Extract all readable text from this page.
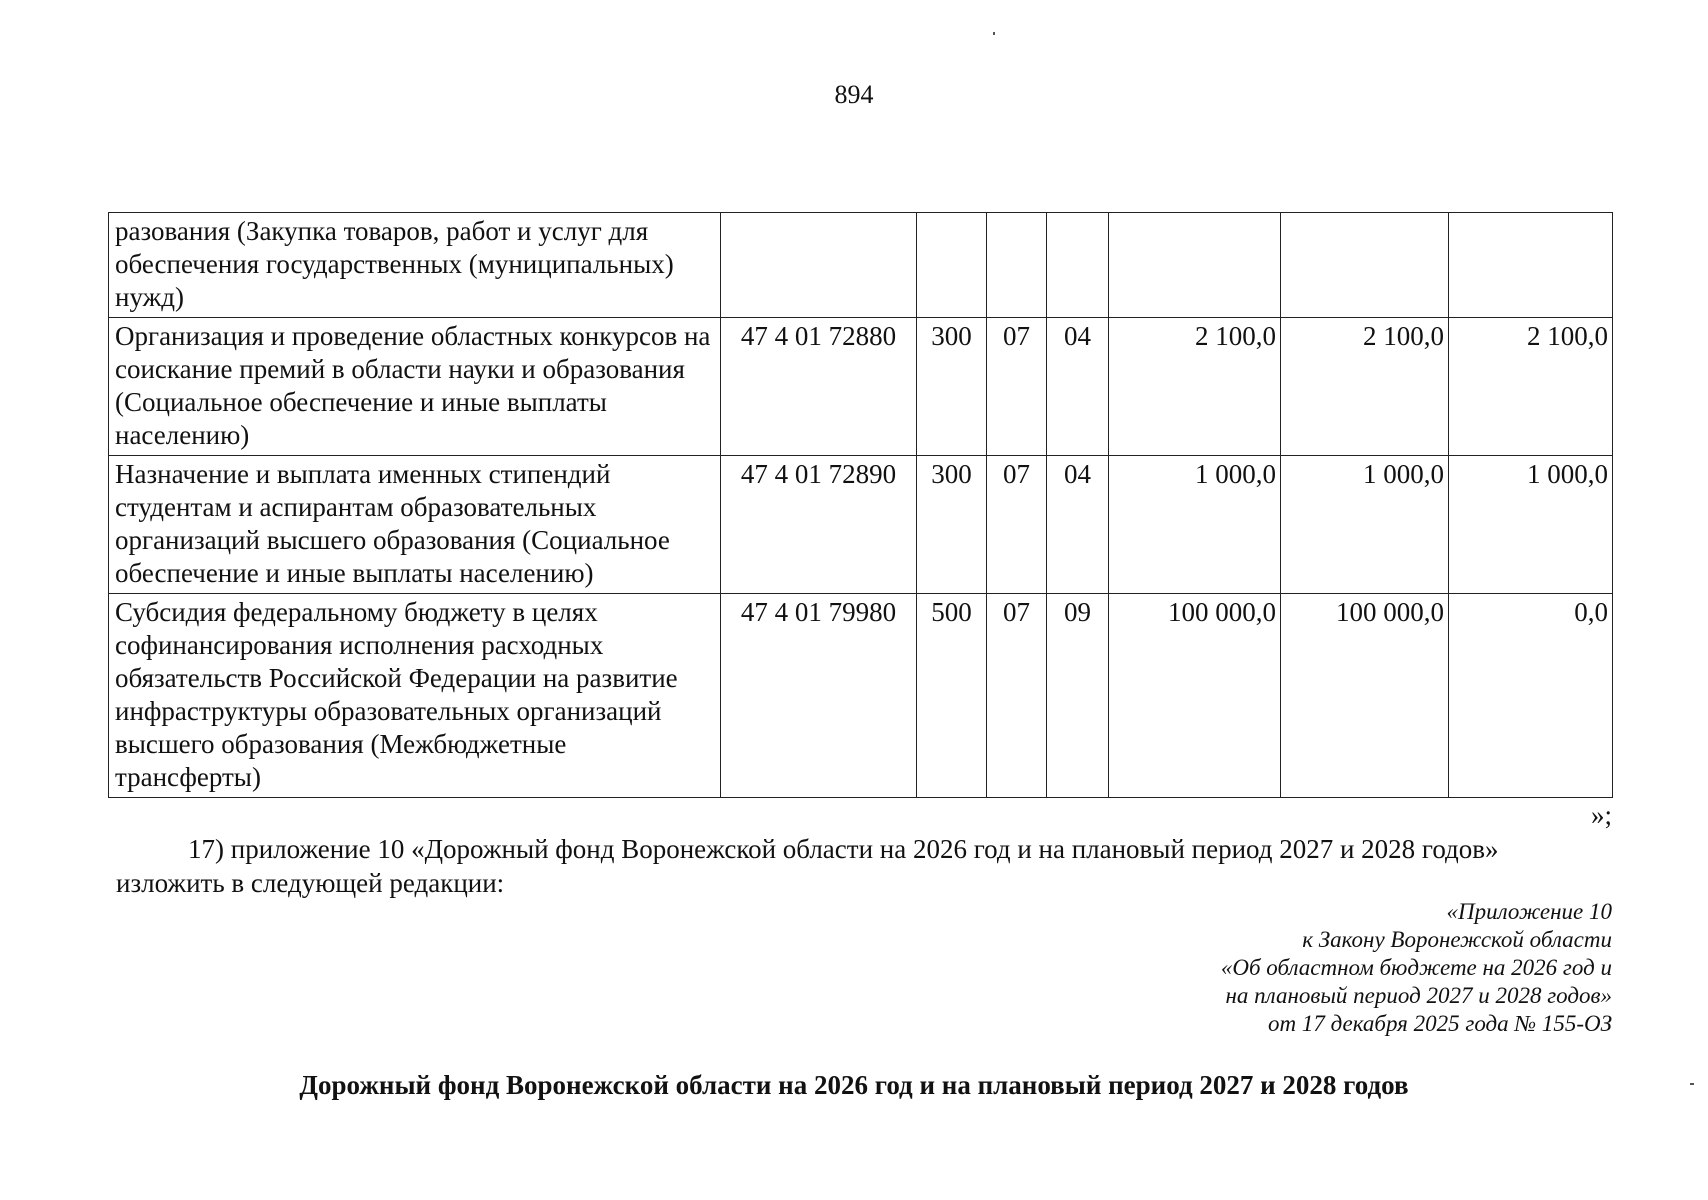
894
разования (Закупка товаров, работ и услуг для обеспечения государственных (муниципальных) нужд)							
Организация и проведение областных конкурсов на соискание премий в области науки и образования (Социальное обеспечение и иные выплаты населению)	47 4 01 72880	300	07	04	2 100,0	2 100,0	2 100,0
Назначение и выплата именных стипендий студентам и аспирантам образовательных организаций высшего образования (Социальное обеспечение и иные выплаты населению)	47 4 01 72890	300	07	04	1 000,0	1 000,0	1 000,0
Субсидия федеральному бюджету в целях софинансирования исполнения расходных обязательств Российской Федерации на развитие инфраструктуры образовательных организаций высшего образования (Межбюджетные трансферты)	47 4 01 79980	500	07	09	100 000,0	100 000,0	0,0
»;

17) приложение 10 «Дорожный фонд Воронежской области на 2026 год и на плановый период 2027 и 2028 годов» изложить в следующей редакции:

«Приложение 10
к Закону Воронежской области
«Об областном бюджете на 2026 год и
на плановый период 2027 и 2028 годов»
от 17 декабря 2025 года № 155-ОЗ
Дорожный фонд Воронежской области на 2026 год и на плановый период 2027 и 2028 годов
